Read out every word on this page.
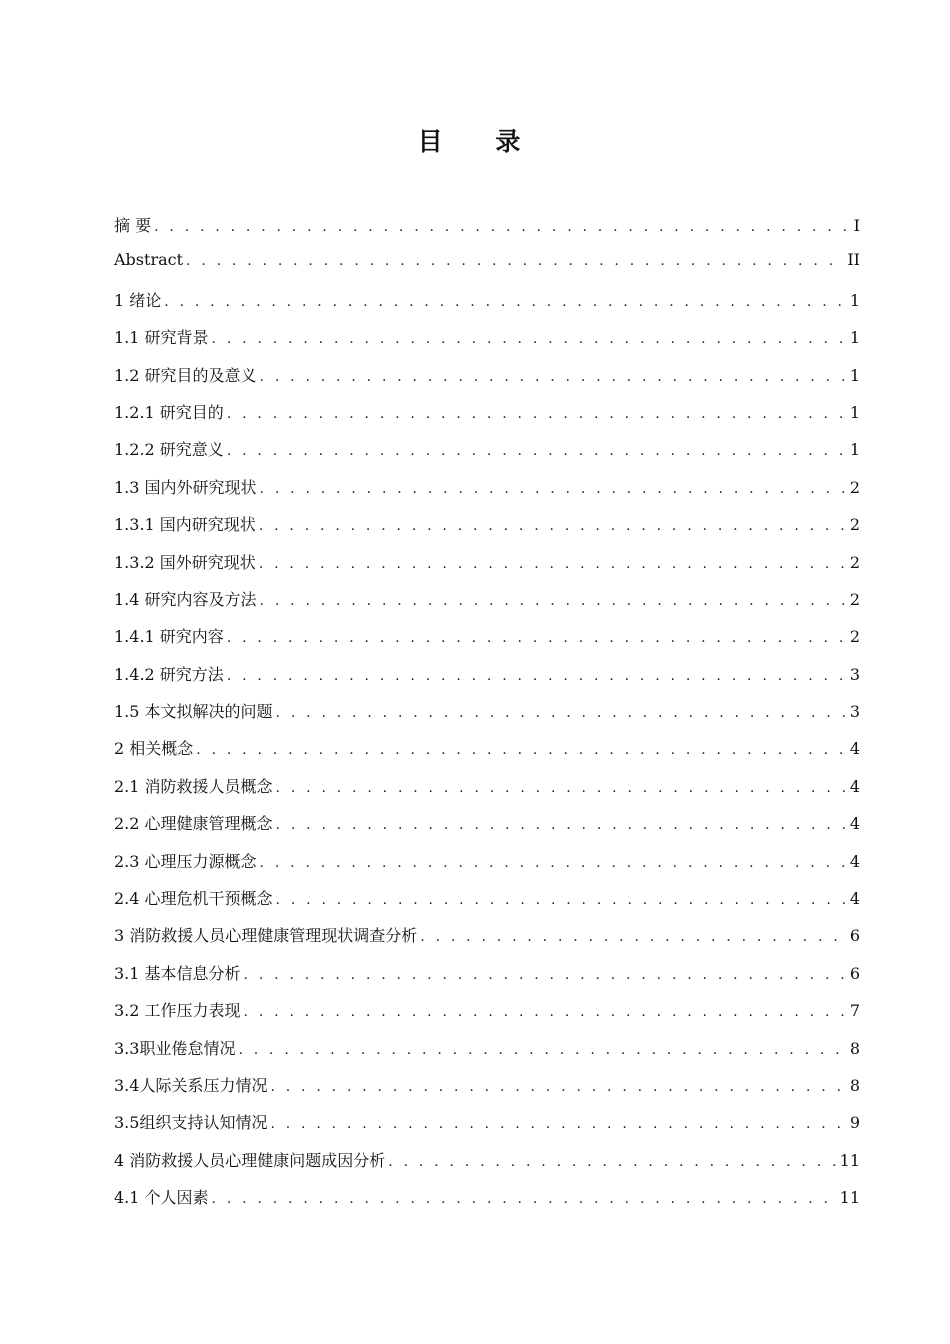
目 录
摘 要 . . .	I
Abstract . . .	II
1 绪论 . . .	1
1.1 研究背景 . . .	1
1.2 研究目的及意义 . . .	1
1.2.1 研究目的 . . .	1
1.2.2 研究意义 . . .	1
1.3 国内外研究现状 . . .	2
1.3.1 国内研究现状 . . .	2
1.3.2 国外研究现状 . . .	2
1.4 研究内容及方法 . . .	2
1.4.1 研究内容 . . .	2
1.4.2 研究方法 . . .	3
1.5 本文拟解决的问题 . . .	3
2 相关概念 . . .	4
2.1 消防救援人员概念 . . .	4
2.2 心理健康管理概念 . . .	4
2.3 心理压力源概念 . . .	4
2.4 心理危机干预概念 . . .	4
3 消防救援人员心理健康管理现状调查分析 . . .	6
3.1 基本信息分析 . . .	6
3.2 工作压力表现 . . .	7
3.3职业倦怠情况 . . .	8
3.4人际关系压力情况 . . .	8
3.5组织支持认知情况 . . .	9
4 消防救援人员心理健康问题成因分析 . . .	11
4.1 个人因素 . . .	11
